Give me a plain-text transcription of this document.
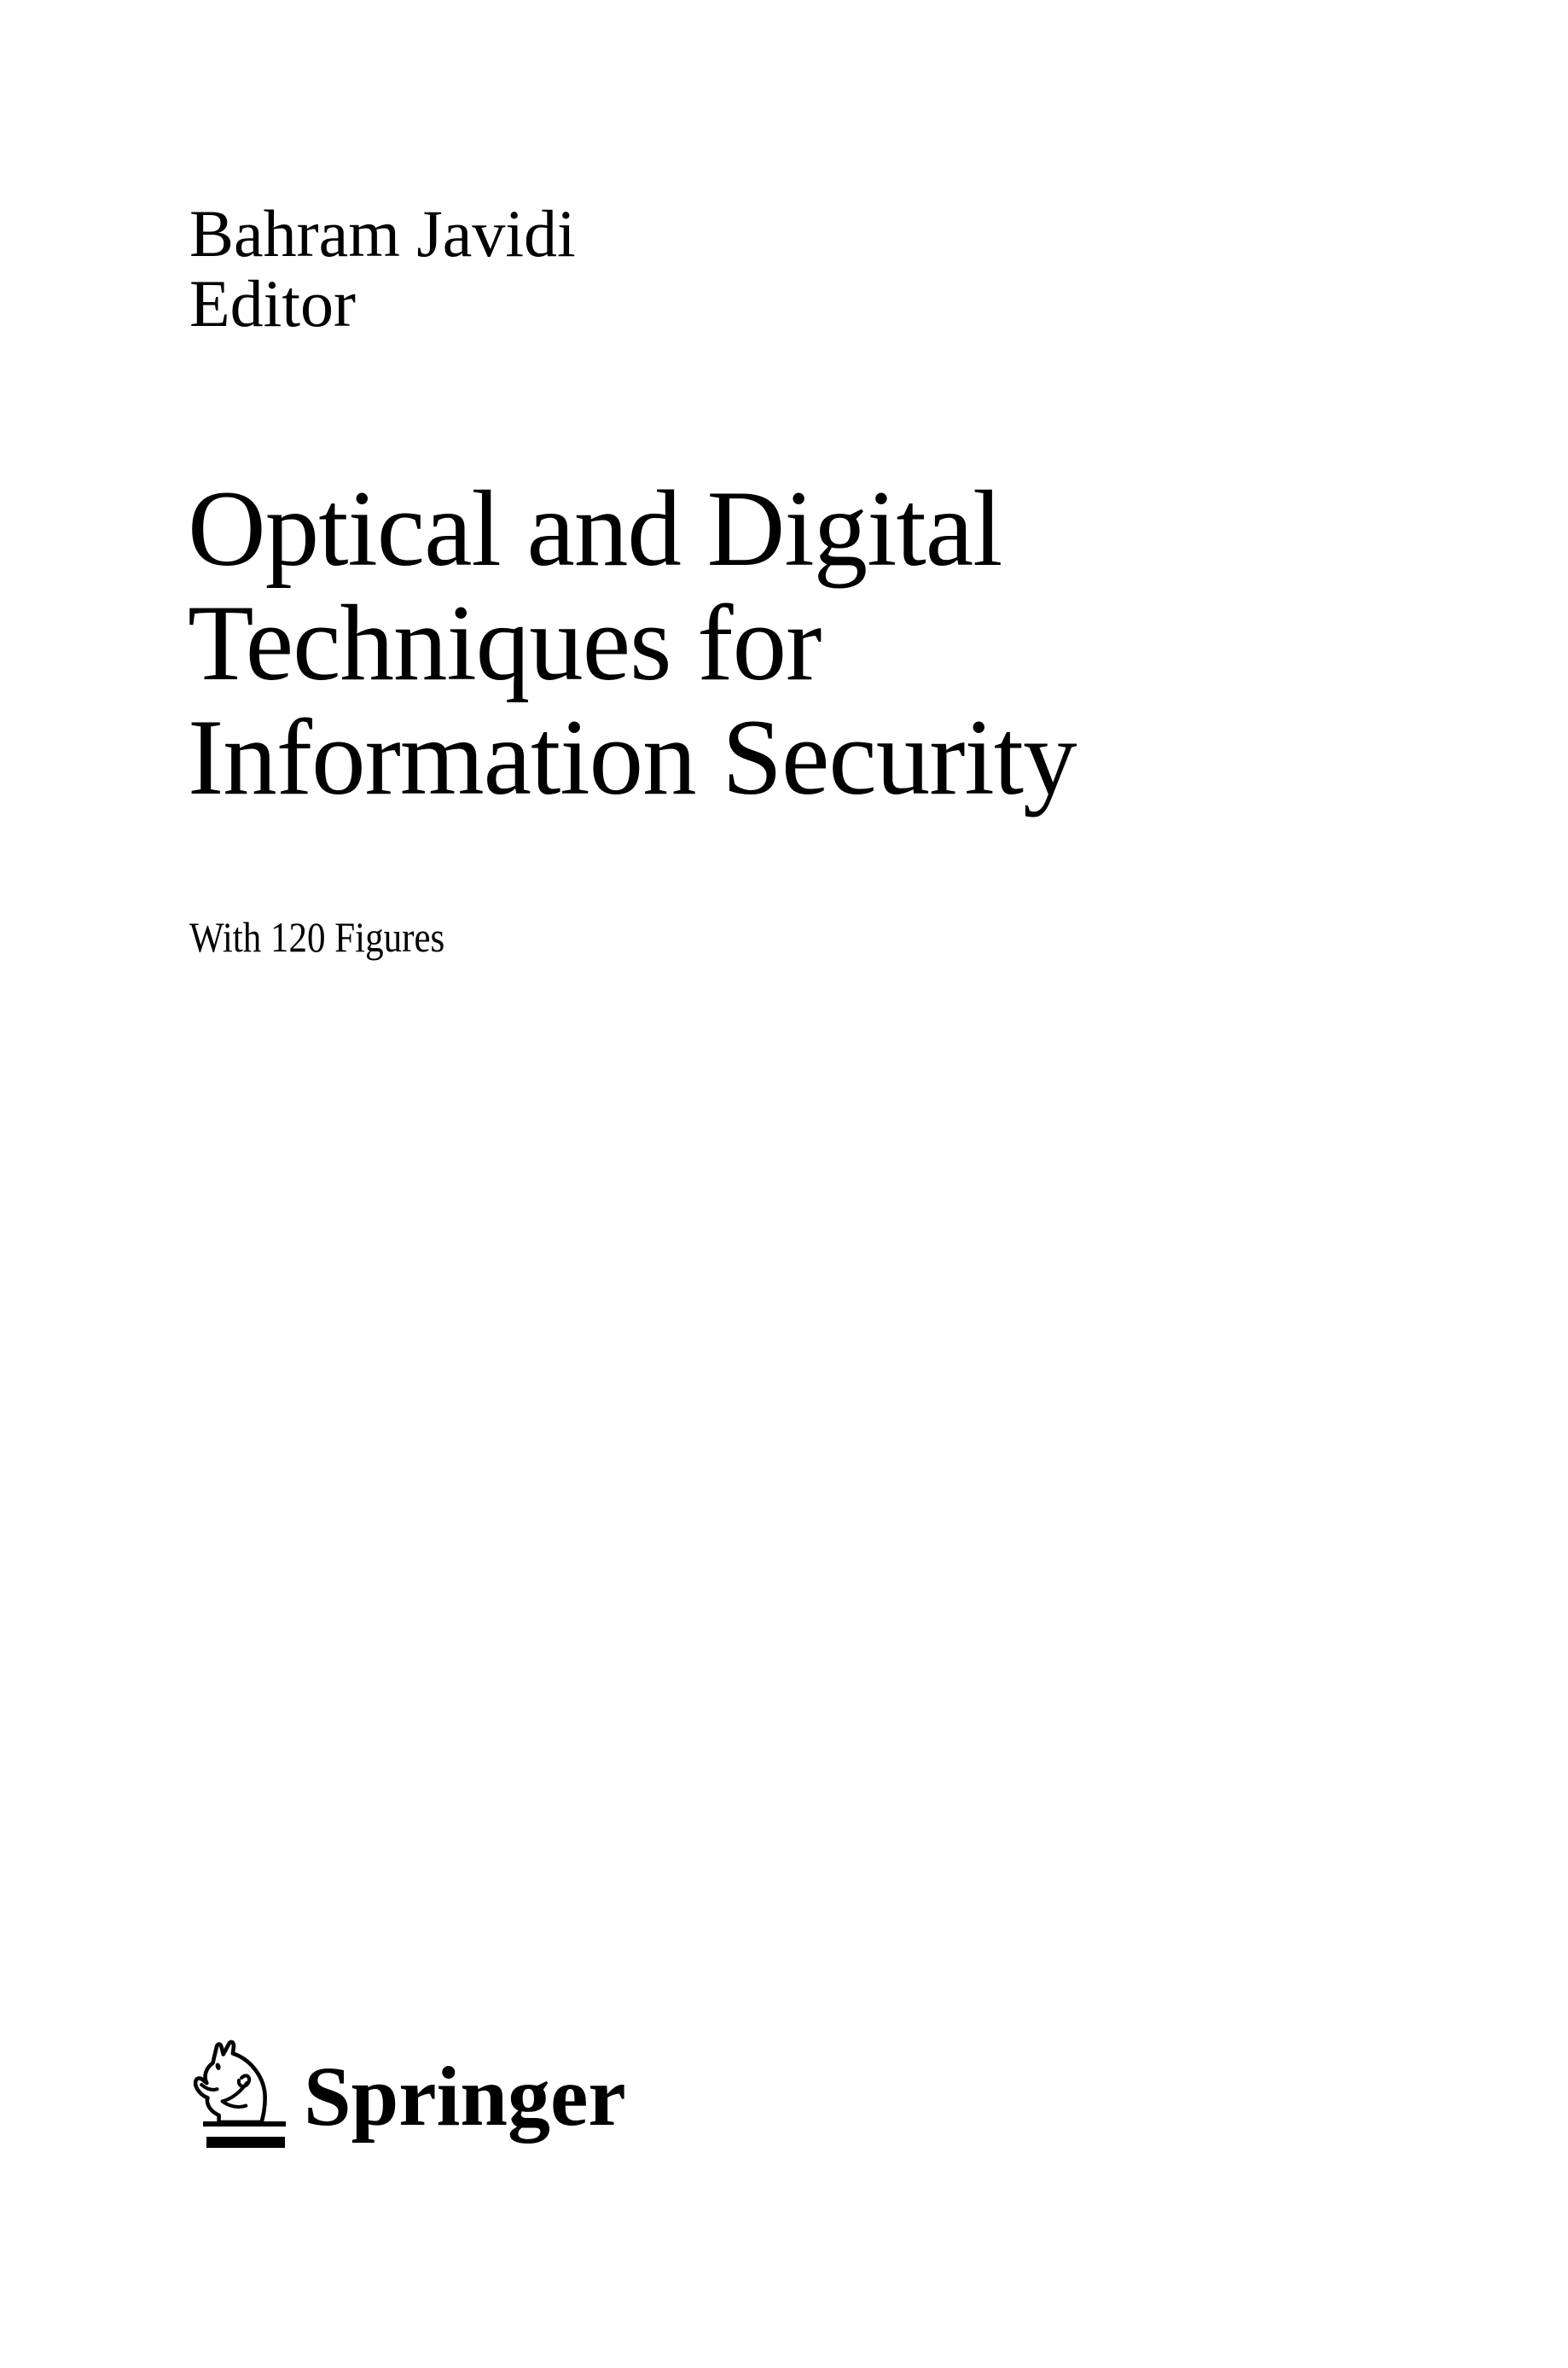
Bahram Javidi
Editor
Optical and Digital
Techniques for
Information Security
With 120 Figures
Springer
